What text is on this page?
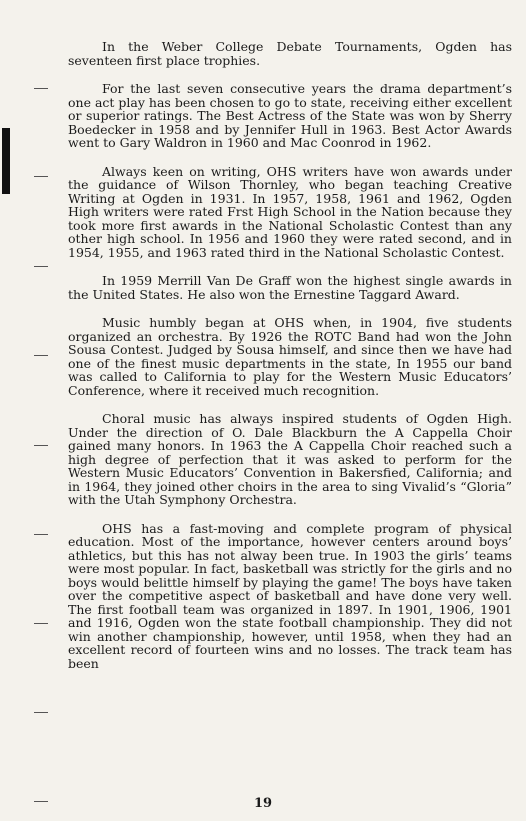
In the Weber College Debate Tournaments, Ogden has seventeen first place trophies.

For the last seven consecutive years the drama department’s one act play has been chosen to go to state, receiving either excellent or superior ratings. The Best Actress of the State was won by Sherry Boedecker in 1958 and by Jennifer Hull in 1963. Best Actor Awards went to Gary Waldron in 1960 and Mac Coonrod in 1962.

Always keen on writing, OHS writers have won awards under the guidance of Wilson Thornley, who began teaching Creative Writing at Ogden in 1931. In 1957, 1958, 1961 and 1962, Ogden High writers were rated Frst High School in the Nation because they took more first awards in the National Scholastic Contest than any other high school. In 1956 and 1960 they were rated second, and in 1954, 1955, and 1963 rated third in the National Scholastic Contest.

In 1959 Merrill Van De Graff won the highest single awards in the United States. He also won the Ernestine Taggard Award.

Music humbly began at OHS when, in 1904, five students organized an orchestra. By 1926 the ROTC Band had won the John Sousa Contest. Judged by Sousa himself, and since then we have had one of the finest music departments in the state, In 1955 our band was called to California to play for the Western Music Educators’ Conference, where it received much recognition.

Choral music has always inspired students of Ogden High. Under the direction of O. Dale Blackburn the A Cappella Choir gained many honors. In 1963 the A Cappella Choir reached such a high degree of perfection that it was asked to perform for the Western Music Educators’ Convention in Bakersfied, California; and in 1964, they joined other choirs in the area to sing Vivalid’s “Gloria” with the Utah Symphony Orchestra.

OHS has a fast-moving and complete program of physical education. Most of the importance, however centers around boys’ athletics, but this has not alway been true. In 1903 the girls’ teams were most popular. In fact, basketball was strictly for the girls and no boys would belittle himself by playing the game! The boys have taken over the competitive aspect of basketball and have done very well. The first football team was organized in 1897. In 1901, 1906, 1901 and 1916, Ogden won the state football championship. They did not win another championship, however, until 1958, when they had an excellent record of fourteen wins and no losses. The track team has been

19
